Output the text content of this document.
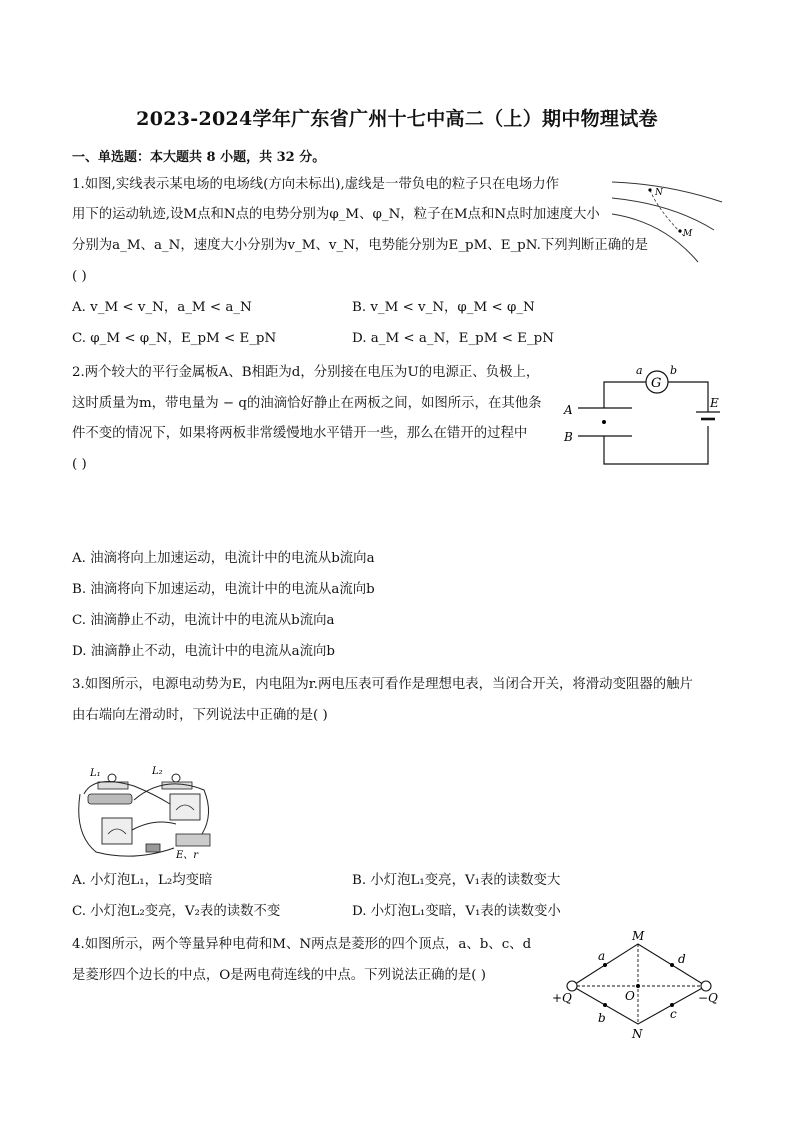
2023-2024学年广东省广州十七中高二（上）期中物理试卷
一、单选题：本大题共 8 小题，共 32 分。
1.如图,实线表示某电场的电场线(方向未标出),虚线是一带负电的粒子只在电场力作
用下的运动轨迹,设M点和N点的电势分别为φ_M、φ_N，粒子在M点和N点时加速度大小
分别为a_M、a_N，速度大小分别为v_M、v_N，电势能分别为E_pM、E_pN.下列判断正确的是
( )
A. v_M < v_N，a_M < a_N	B. v_M < v_N，φ_M < φ_N
C. φ_M < φ_N，E_pM < E_pN	D. a_M < a_N，E_pM < E_pN
N
M
2.两个较大的平行金属板A、B相距为d，分别接在电压为U的电源正、负极上，
这时质量为m，带电量为 − q的油滴恰好静止在两板之间，如图所示，在其他条
件不变的情况下，如果将两板非常缓慢地水平错开一些，那么在错开的过程中
( )
A. 油滴将向上加速运动，电流计中的电流从b流向a
B. 油滴将向下加速运动，电流计中的电流从a流向b
C. 油滴静止不动，电流计中的电流从b流向a
D. 油滴静止不动，电流计中的电流从a流向b
G
a b
E
A
B
3.如图所示，电源电动势为E，内电阻为r.两电压表可看作是理想电表，当闭合开关，将滑动变阻器的触片
由右端向左滑动时，下列说法中正确的是( )
L₁	L₂
E、r
A. 小灯泡L₁，L₂均变暗	B. 小灯泡L₁变亮，V₁表的读数变大
C. 小灯泡L₂变亮，V₂表的读数不变	D. 小灯泡L₁变暗，V₁表的读数变小
4.如图所示，两个等量异种电荷和M、N两点是菱形的四个顶点，a、b、c、d
是菱形四个边长的中点，O是两电荷连线的中点。下列说法正确的是( )
M
N
O
a	d
b	c
+Q	−Q
